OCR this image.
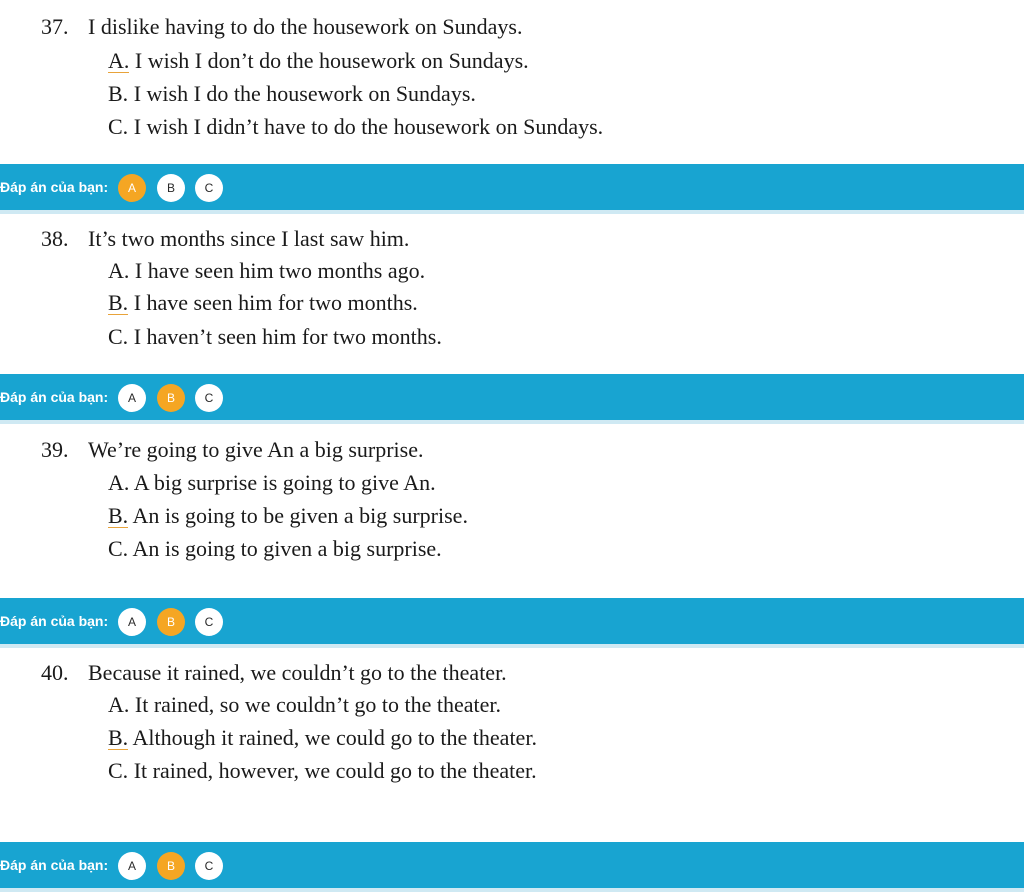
37. I dislike having to do the housework on Sundays.
A. I wish I don’t do the housework on Sundays.
B. I wish I do the housework on Sundays.
C. I wish I didn’t have to do the housework on Sundays.
Đáp án của bạn:	A	B	C
38. It’s two months since I last saw him.
A. I have seen him two months ago.
B. I have seen him for two months.
C. I haven’t seen him for two months.
Đáp án của bạn:	A	B	C
39. We’re going to give An a big surprise.
A. A big surprise is going to give An.
B. An is going to be given a big surprise.
C. An is going to given a big surprise.
Đáp án của bạn:	A	B	C
40. Because it rained, we couldn’t go to the theater.
A. It rained, so we couldn’t go to the theater.
B. Although it rained, we could go to the theater.
C. It rained, however, we could go to the theater.
Đáp án của bạn:	A	B	C
